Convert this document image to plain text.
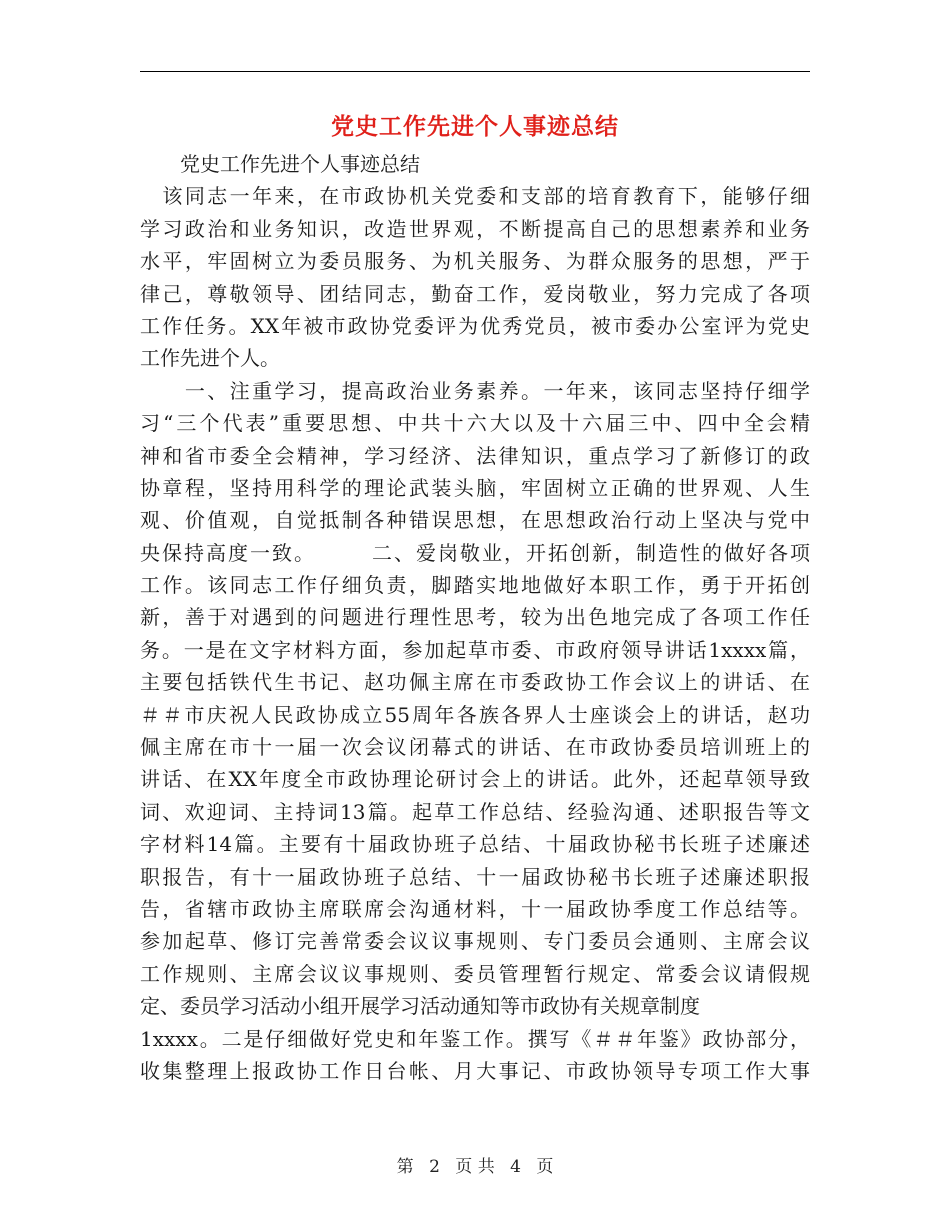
党史工作先进个人事迹总结
　　党史工作先进个人事迹总结
　该同志一年来，在市政协机关党委和支部的培育教育下，能够仔细
学习政治和业务知识，改造世界观，不断提高自己的思想素养和业务
水平，牢固树立为委员服务、为机关服务、为群众服务的思想，严于
律己，尊敬领导、团结同志，勤奋工作，爱岗敬业，努力完成了各项
工作任务。XX年被市政协党委评为优秀党员，被市委办公室评为党史
工作先进个人。
　　一、注重学习，提高政治业务素养。一年来，该同志坚持仔细学
习“三个代表”重要思想、中共十六大以及十六届三中、四中全会精
神和省市委全会精神，学习经济、法律知识，重点学习了新修订的政
协章程，坚持用科学的理论武装头脑，牢固树立正确的世界观、人生
观、价值观，自觉抵制各种错误思想，在思想政治行动上坚决与党中
央保持高度一致。　　　二、爱岗敬业，开拓创新，制造性的做好各项
工作。该同志工作仔细负责，脚踏实地地做好本职工作，勇于开拓创
新，善于对遇到的问题进行理性思考，较为出色地完成了各项工作任
务。一是在文字材料方面，参加起草市委、市政府领导讲话1xxxx篇，
主要包括铁代生书记、赵功佩主席在市委政协工作会议上的讲话、在
＃＃市庆祝人民政协成立55周年各族各界人士座谈会上的讲话，赵功
佩主席在市十一届一次会议闭幕式的讲话、在市政协委员培训班上的
讲话、在XX年度全市政协理论研讨会上的讲话。此外，还起草领导致
词、欢迎词、主持词13篇。起草工作总结、经验沟通、述职报告等文
字材料14篇。主要有十届政协班子总结、十届政协秘书长班子述廉述
职报告，有十一届政协班子总结、十一届政协秘书长班子述廉述职报
告，省辖市政协主席联席会沟通材料，十一届政协季度工作总结等。
参加起草、修订完善常委会议议事规则、专门委员会通则、主席会议
工作规则、主席会议议事规则、委员管理暂行规定、常委会议请假规
定、委员学习活动小组开展学习活动通知等市政协有关规章制度
1xxxx。二是仔细做好党史和年鉴工作。撰写《＃＃年鉴》政协部分，
收集整理上报政协工作日台帐、月大事记、市政协领导专项工作大事
第 2 页 共 4 页
